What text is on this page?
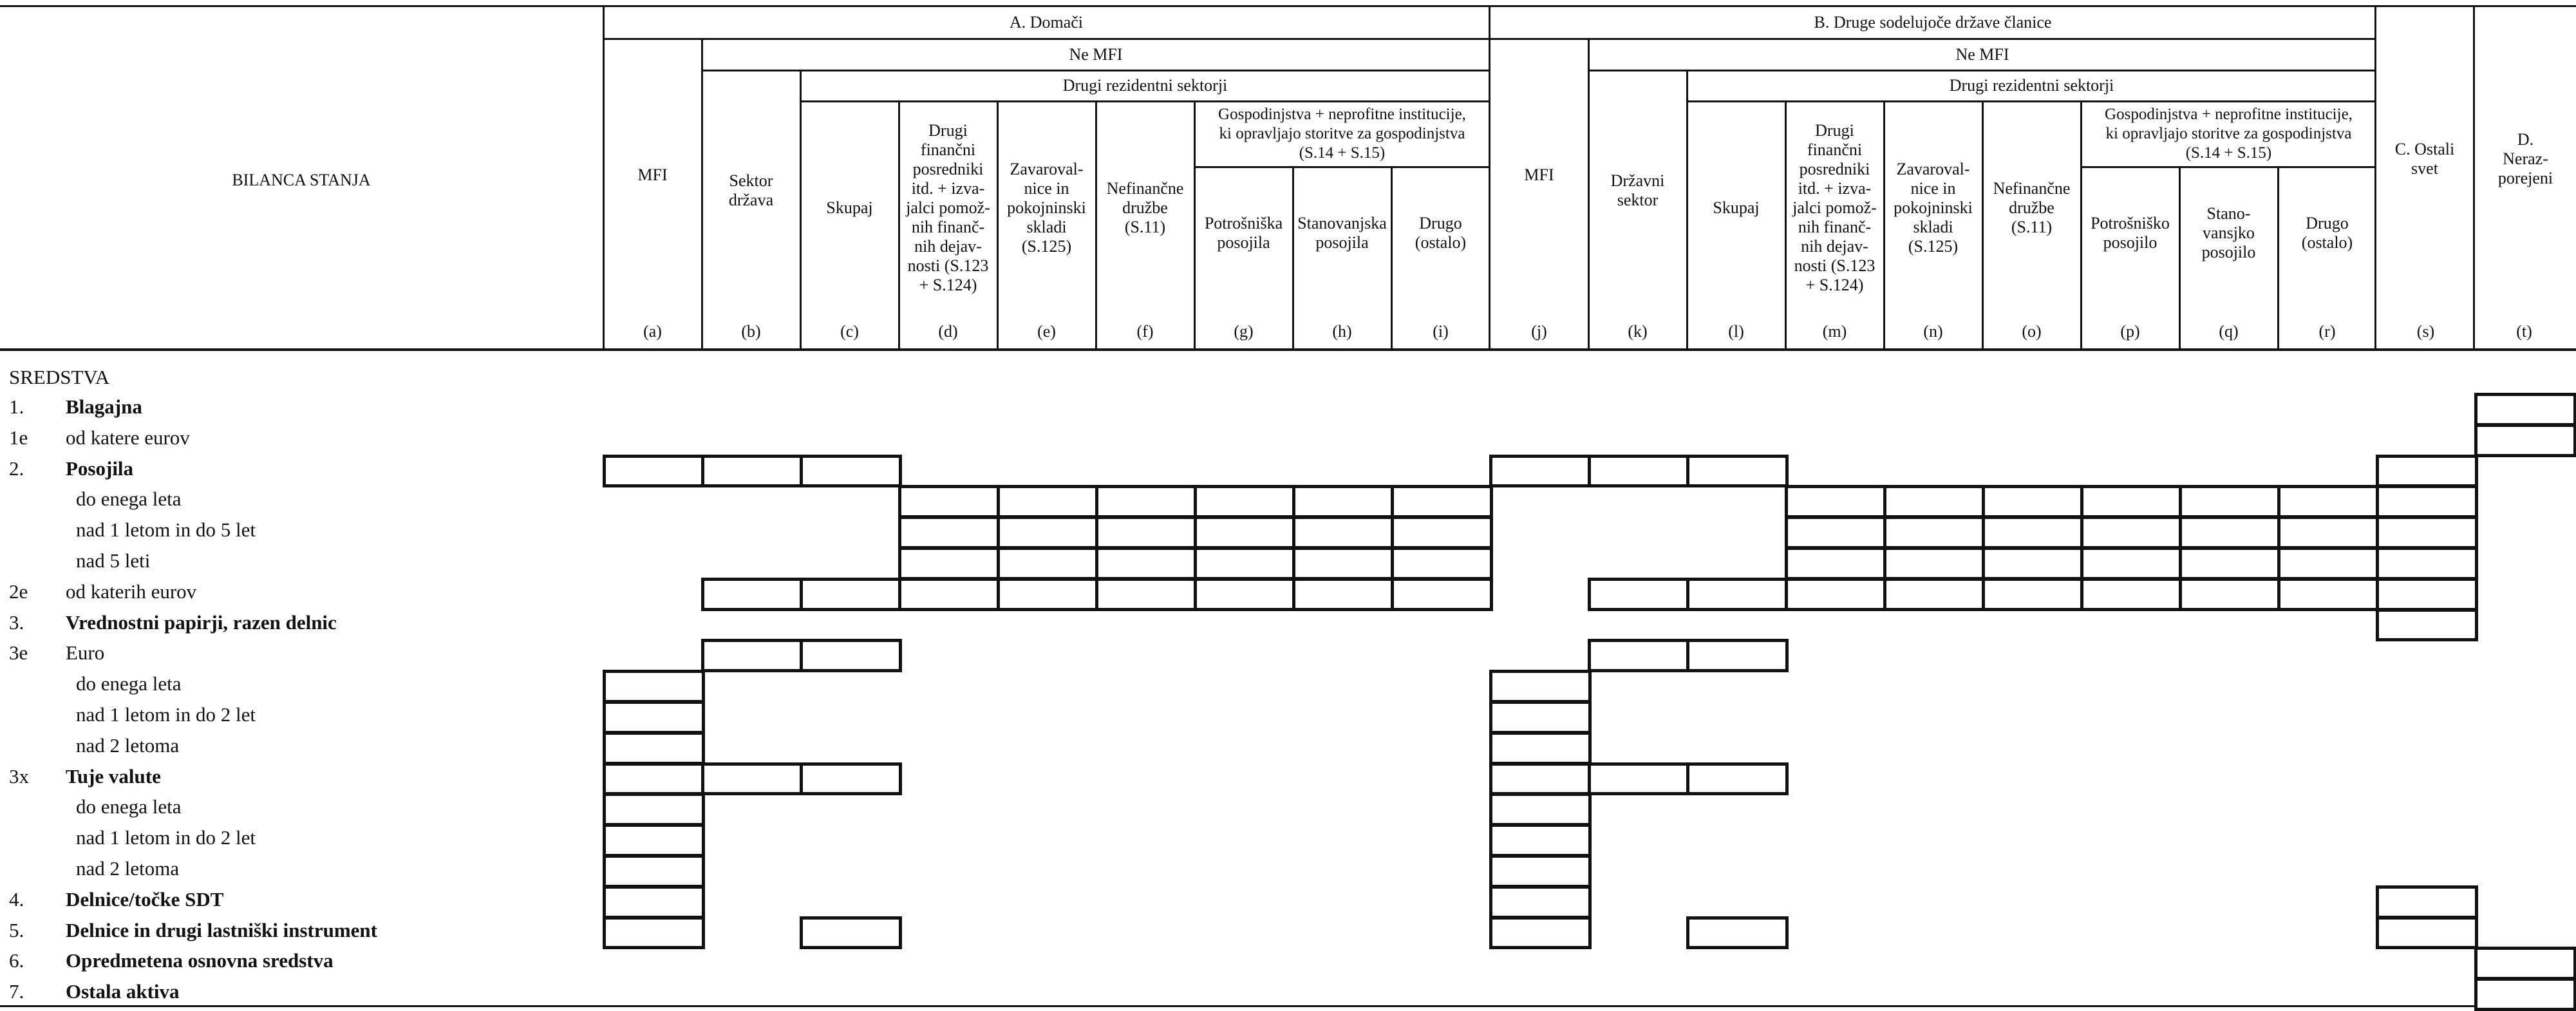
A. Domači	B. Druge sodelujoče države članice
BILANCA STANJA
Ne MFI
Drugi rezidentni sektorji
Gospodinjstva + neprofitne institucije,
ki opravljajo storitve za gospodinjstva
(S.14 + S.15)
MFI
(a)
Sektor
država
(b)
Skupaj
(c)
Drugi
finančni
posredniki
itd. + izva-
jalci pomož-
nih finanč-
nih dejav-
nosti (S.123
+ S.124)
(d)
Zavaroval-
nice in
pokojninski
skladi
(S.125)
(e)
Nefinančne
družbe
(S.11)
(f)
Potrošniška
posojila
(g)
Stanovanjska
posojila
(h)
Drugo
(ostalo)
(i)
Ne MFI
Drugi rezidentni sektorji
Gospodinjstva + neprofitne institucije,
ki opravljajo storitve za gospodinjstva
(S.14 + S.15)
MFI
(j)
Državni
sektor
(k)
Skupaj
(l)
Drugi
finančni
posredniki
itd. + izva-
jalci pomož-
nih finanč-
nih dejav-
nosti (S.123
+ S.124)
(m)
Zavaroval-
nice in
pokojninski
skladi
(S.125)
(n)
Nefinančne
družbe
(S.11)
(o)
Potrošniško
posojilo
(p)
Stano-
vansjko
posojilo
(q)
Drugo
(ostalo)
(r)
C. Ostali
svet
D.
Neraz-
porejeni
(s)	(t)
SREDSTVA
1. Blagajna
1e od katere eurov
2. Posojila
do enega leta
nad 1 letom in do 5 let
nad 5 leti
2e od katerih eurov
3. Vrednostni papirji, razen delnic
3e Euro
do enega leta
nad 1 letom in do 2 let
nad 2 letoma
3x Tuje valute
do enega leta
nad 1 letom in do 2 let
nad 2 letoma
4. Delnice/točke SDT
5. Delnice in drugi lastniški instrument
6. Opredmetena osnovna sredstva
7. Ostala aktiva
